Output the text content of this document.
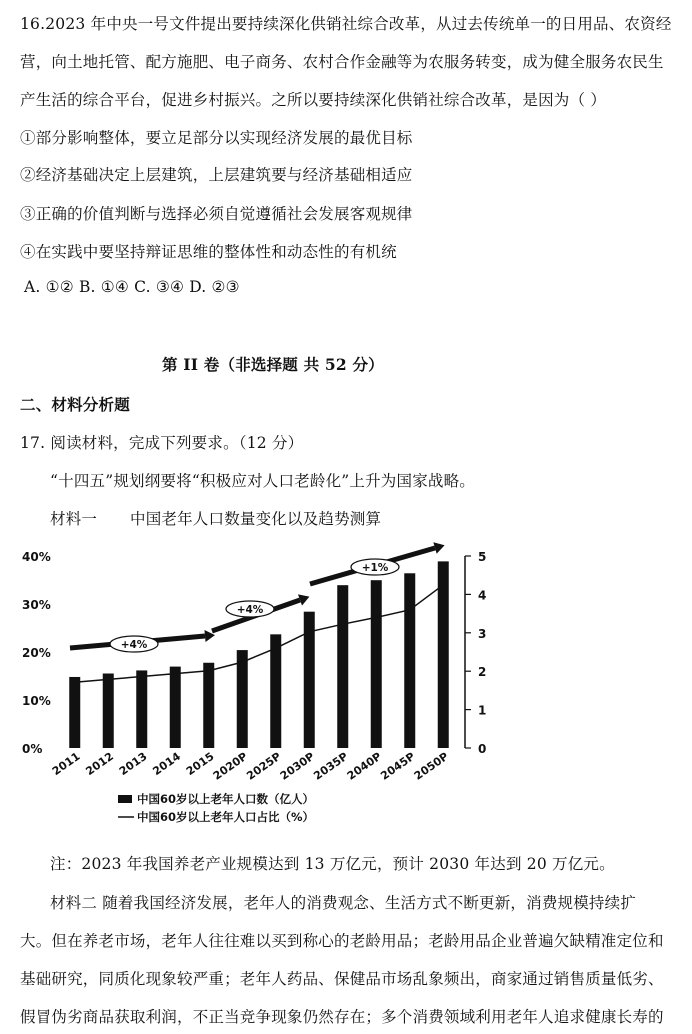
16.2023 年中央一号文件提出要持续深化供销社综合改革，从过去传统单一的日用品、农资经
营，向土地托管、配方施肥、电子商务、农村合作金融等为农服务转变，成为健全服务农民生
产生活的综合平台，促进乡村振兴。之所以要持续深化供销社综合改革，是因为（ ）
①部分影响整体，要立足部分以实现经济发展的最优目标
②经济基础决定上层建筑，上层建筑要与经济基础相适应
③正确的价值判断与选择必须自觉遵循社会发展客观规律
④在实践中要坚持辩证思维的整体性和动态性的有机统
A. ①② B. ①④ C. ③④ D. ②③
第 II 卷（非选择题 共 52 分）
二、材料分析题
17. 阅读材料，完成下列要求。（12 分）
“十四五”规划纲要将“积极应对人口老龄化”上升为国家战略。
材料一 中国老年人口数量变化以及趋势测算
0%
10%
20%
30%
40%
0
1
2
3
4
5
2011 2012 2013 2014 2015
2020P
2025P
2030P
2035P
2040P
2045P
2050P
+4%
+4%
+1%
中国60岁以上老年人口数（亿人）
中国60岁以上老年人口占比（%）
注：2023 年我国养老产业规模达到 13 万亿元，预计 2030 年达到 20 万亿元。
材料二 随着我国经济发展，老年人的消费观念、生活方式不断更新，消费规模持续扩
大。但在养老市场，老年人往往难以买到称心的老龄用品；老龄用品企业普遍欠缺精准定位和
基础研究，同质化现象较严重；老年人药品、保健品市场乱象频出，商家通过销售质量低劣、
假冒伪劣商品获取利润，不正当竞争现象仍然存在；多个消费领域利用老年人追求健康长寿的
